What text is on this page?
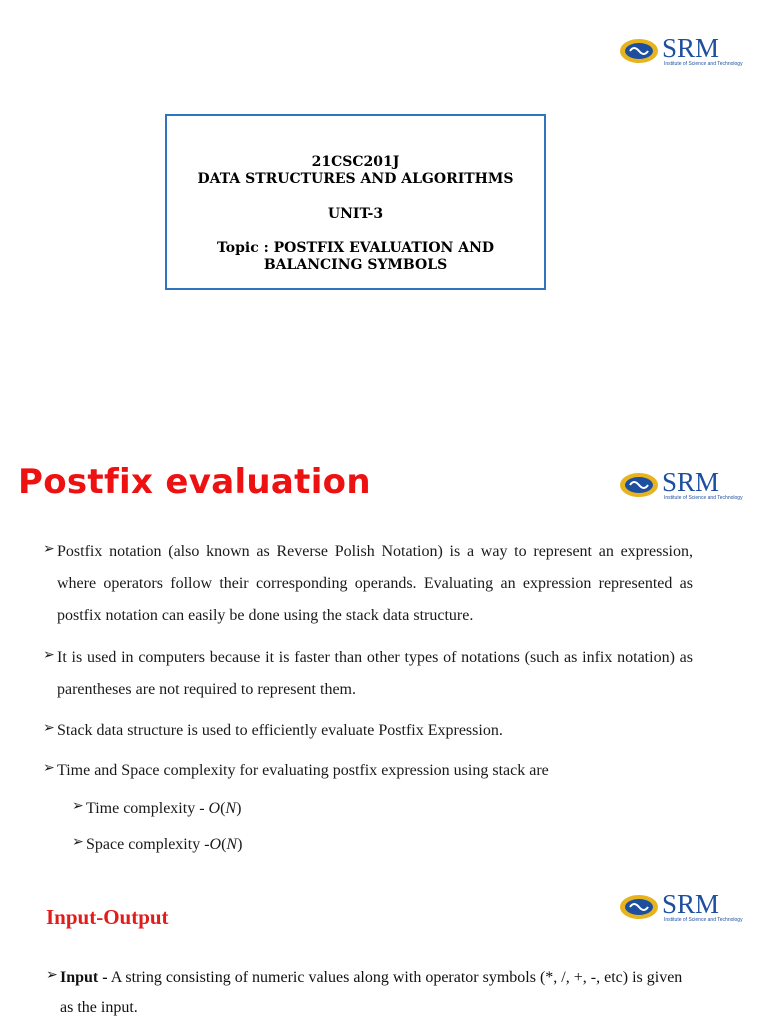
SRM
Institute of Science and Technology
21CSC201J
DATA STRUCTURES AND ALGORITHMS
UNIT-3
Topic : POSTFIX EVALUATION AND
BALANCING SYMBOLS
SRM
Institute of Science and Technology
Postfix evaluation
➢ Postfix notation (also known as Reverse Polish Notation) is a way to represent an expression, where operators follow their corresponding operands. Evaluating an expression represented as postfix notation can easily be done using the stack data structure.
➢ It is used in computers because it is faster than other types of notations (such as infix notation) as parentheses are not required to represent them.
➢ Stack data structure is used to efficiently evaluate Postfix Expression.
➢ Time and Space complexity for evaluating postfix expression using stack are
➢ Time complexity - O(N)
➢ Space complexity -O(N)
SRM
Institute of Science and Technology
Input-Output
➢ Input - A string consisting of numeric values along with operator symbols (*, /, +, -, etc) is given as the input.
